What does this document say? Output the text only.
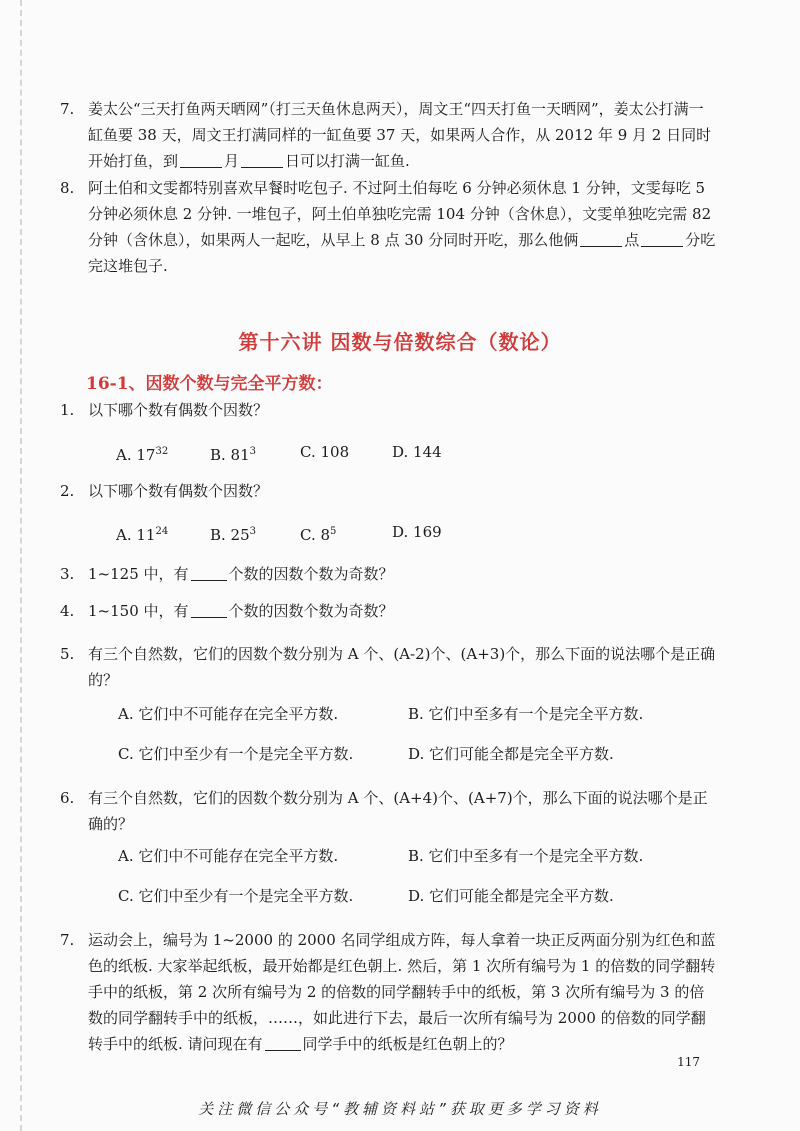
7. 姜太公“三天打鱼两天晒网”（打三天鱼休息两天），周文王“四天打鱼一天晒网”，姜太公打满一缸鱼要 38 天，周文王打满同样的一缸鱼要 37 天，如果两人合作，从 2012 年 9 月 2 日同时开始打鱼，到	月	日可以打满一缸鱼.

8. 阿土伯和文雯都特别喜欢早餐时吃包子. 不过阿土伯每吃 6 分钟必须休息 1 分钟，文雯每吃 5 分钟必须休息 2 分钟. 一堆包子，阿土伯单独吃完需 104 分钟（含休息），文雯单独吃完需 82 分钟（含休息），如果两人一起吃，从早上 8 点 30 分同时开吃，那么他俩	点	分吃完这堆包子.

第十六讲 因数与倍数综合（数论）
16-1、因数个数与完全平方数：
1. 以下哪个数有偶数个因数？

A. $17^{32}$	B. $81^3$	C. 108	D. 144
2. 以下哪个数有偶数个因数？

A. $11^{24}$	B. $25^3$	C. $8^5$	D. 169
3. 1~125 中，有	个数的因数个数为奇数？

4. 1~150 中，有	个数的因数个数为奇数？

5. 有三个自然数，它们的因数个数分别为 A 个、(A-2)个、(A+3)个，那么下面的说法哪个是正确的？

A. 它们中不可能存在完全平方数.	B. 它们中至多有一个是完全平方数.
C. 它们中至少有一个是完全平方数.	D. 它们可能全都是完全平方数.
6. 有三个自然数，它们的因数个数分别为 A 个、(A+4)个、(A+7)个，那么下面的说法哪个是正确的？

A. 它们中不可能存在完全平方数.	B. 它们中至多有一个是完全平方数.
C. 它们中至少有一个是完全平方数.	D. 它们可能全都是完全平方数.
7. 运动会上，编号为 1~2000 的 2000 名同学组成方阵，每人拿着一块正反两面分别为红色和蓝色的纸板. 大家举起纸板，最开始都是红色朝上. 然后，第 1 次所有编号为 1 的倍数的同学翻转手中的纸板，第 2 次所有编号为 2 的倍数的同学翻转手中的纸板，第 3 次所有编号为 3 的倍数的同学翻转手中的纸板，……，如此进行下去，最后一次所有编号为 2000 的倍数的同学翻转手中的纸板. 请问现在有	同学手中的纸板是红色朝上的？

117
关注微信公众号“教辅资料站”获取更多学习资料
